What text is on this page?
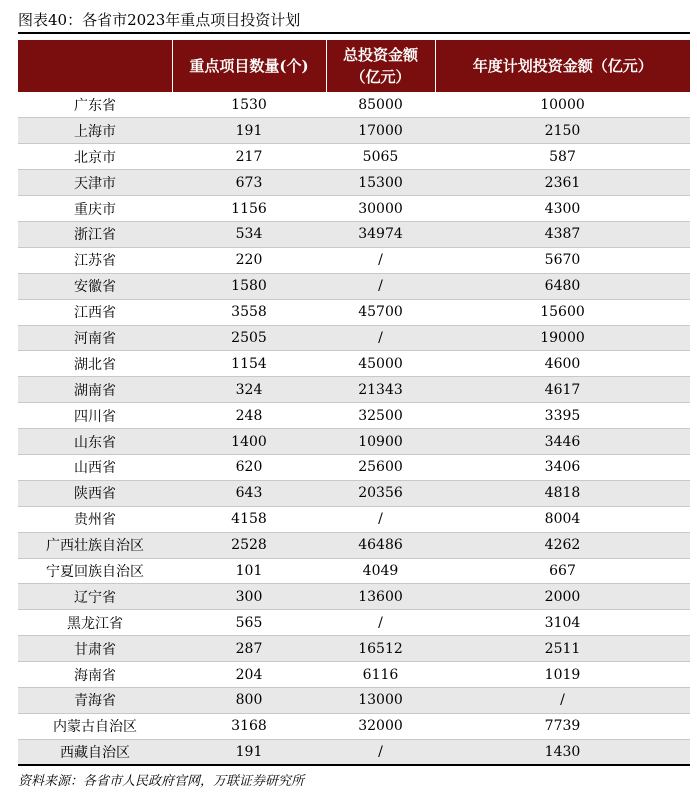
图表40：各省市2023年重点项目投资计划
	重点项目数量(个)	总投资金额（亿元）	年度计划投资金额（亿元）
广东省	1530	85000	10000
上海市	191	17000	2150
北京市	217	5065	587
天津市	673	15300	2361
重庆市	1156	30000	4300
浙江省	534	34974	4387
江苏省	220	/	5670
安徽省	1580	/	6480
江西省	3558	45700	15600
河南省	2505	/	19000
湖北省	1154	45000	4600
湖南省	324	21343	4617
四川省	248	32500	3395
山东省	1400	10900	3446
山西省	620	25600	3406
陕西省	643	20356	4818
贵州省	4158	/	8004
广西壮族自治区	2528	46486	4262
宁夏回族自治区	101	4049	667
辽宁省	300	13600	2000
黑龙江省	565	/	3104
甘肃省	287	16512	2511
海南省	204	6116	1019
青海省	800	13000	/
内蒙古自治区	3168	32000	7739
西藏自治区	191	/	1430
资料来源：各省市人民政府官网，万联证券研究所
